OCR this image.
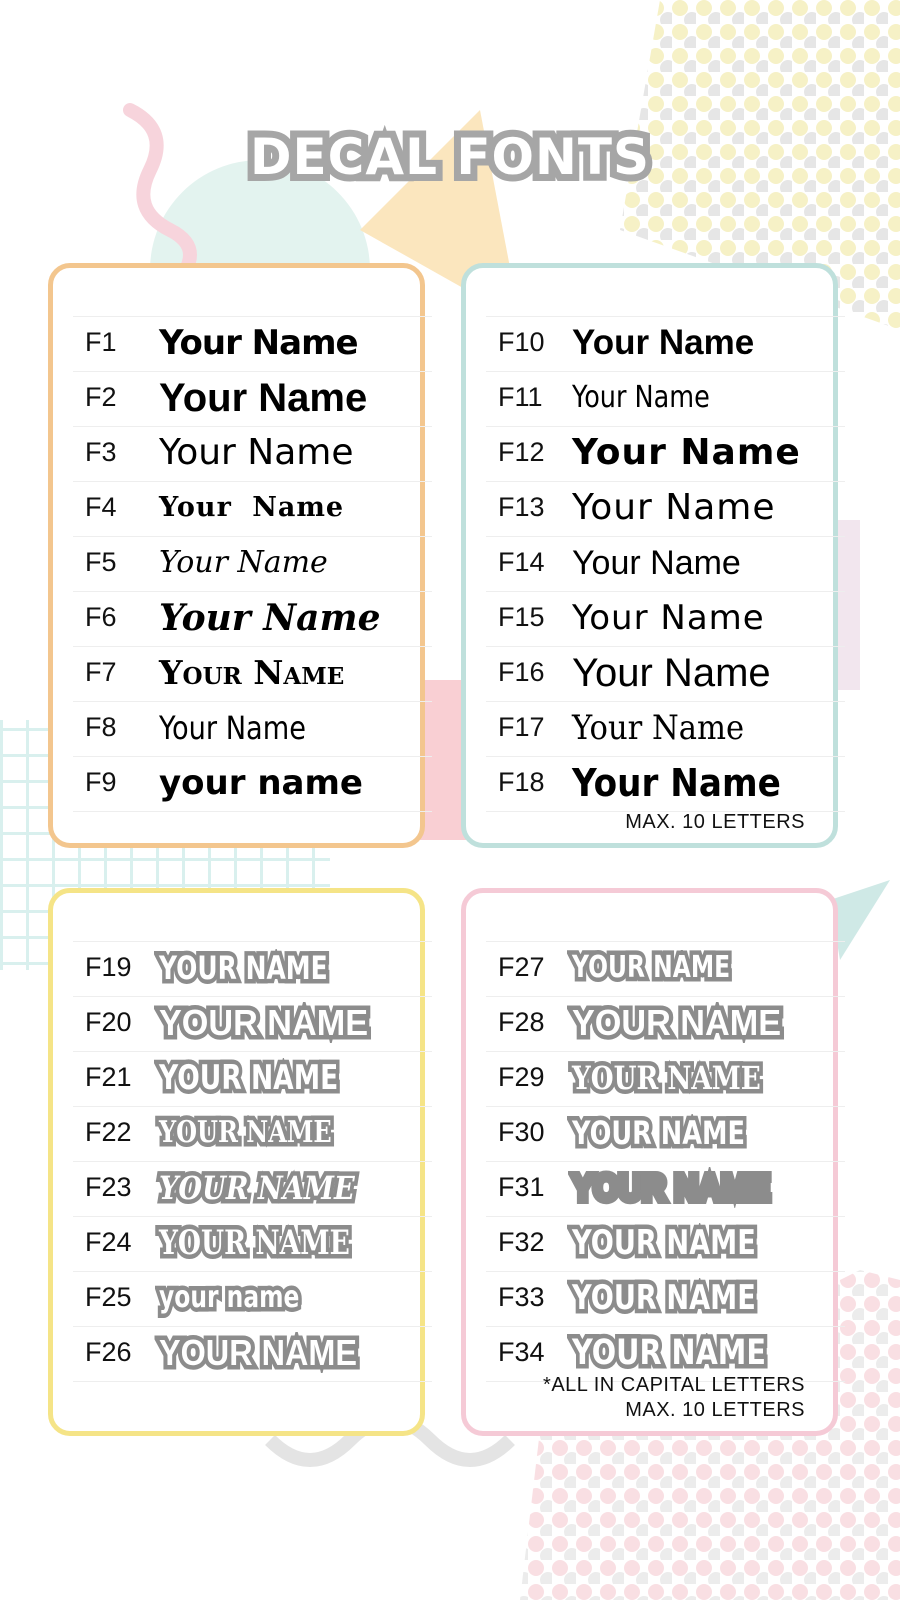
DECAL FONTS
F1 Your Name
F2 Your Name
F3 Your Name
F4 Your Name
F5 Your Name
F6 Your Name
F7 Your Name
F8 Your Name
F9 your name
F10 Your Name
F11 Your Name
F12 Your Name
F13 Your Name
F14 Your Name
F15 Your Name
F16 Your Name
F17 Your Name
F18 Your Name
MAX. 10 LETTERS
F19 YOUR NAME
F20 YOUR NAME
F21 YOUR NAME
F22 YOUR NAME
F23 YOUR NAME
F24 YOUR NAME
F25 your name
F26 YOUR NAME
F27 YOUR NAME
F28 YOUR NAME
F29 YOUR NAME
F30 YOUR NAME
F31 YOUR NAME
F32 YOUR NAME
F33 YOUR NAME
F34 YOUR NAME
*ALL IN CAPITAL LETTERS
MAX. 10 LETTERS
